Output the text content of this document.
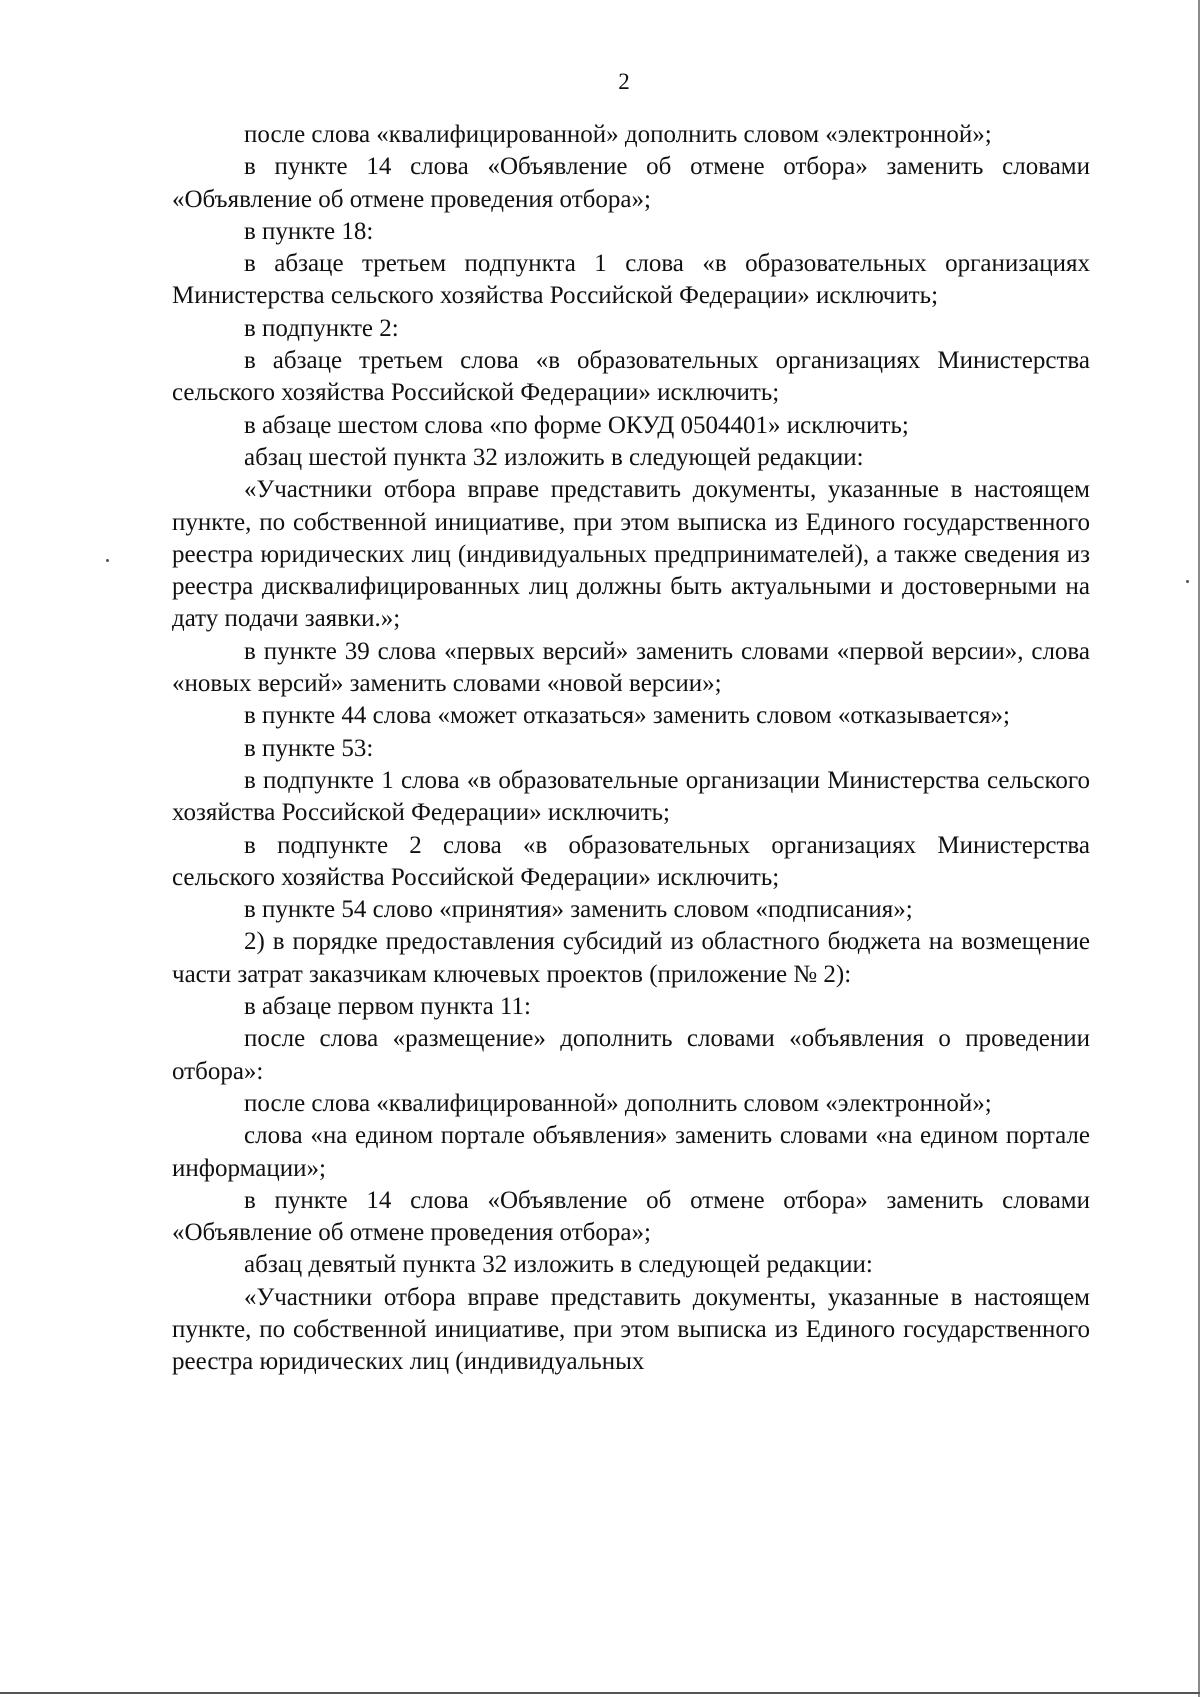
2

после слова «квалифицированной» дополнить словом «электронной»;

в пункте 14 слова «Объявление об отмене отбора» заменить словами «Объявление об отмене проведения отбора»;

в пункте 18:

в абзаце третьем подпункта 1 слова «в образовательных организациях Министерства сельского хозяйства Российской Федерации» исключить;

в подпункте 2:

в абзаце третьем слова «в образовательных организациях Министерства сельского хозяйства Российской Федерации» исключить;

в абзаце шестом слова «по форме ОКУД 0504401» исключить;

абзац шестой пункта 32 изложить в следующей редакции:

«Участники отбора вправе представить документы, указанные в настоящем пункте, по собственной инициативе, при этом выписка из Единого государственного реестра юридических лиц (индивидуальных предпринимателей), а также сведения из реестра дисквалифицированных лиц должны быть актуальными и достоверными на дату подачи заявки.»;

в пункте 39 слова «первых версий» заменить словами «первой версии», слова «новых версий» заменить словами «новой версии»;

в пункте 44 слова «может отказаться» заменить словом «отказывается»;

в пункте 53:

в подпункте 1 слова «в образовательные организации Министерства сельского хозяйства Российской Федерации» исключить;

в подпункте 2 слова «в образовательных организациях Министерства сельского хозяйства Российской Федерации» исключить;

в пункте 54 слово «принятия» заменить словом «подписания»;

2) в порядке предоставления субсидий из областного бюджета на возмещение части затрат заказчикам ключевых проектов (приложение № 2):

в абзаце первом пункта 11:

после слова «размещение» дополнить словами «объявления о проведении отбора»:

после слова «квалифицированной» дополнить словом «электронной»;

слова «на едином портале объявления» заменить словами «на едином портале информации»;

в пункте 14 слова «Объявление об отмене отбора» заменить словами «Объявление об отмене проведения отбора»;

абзац девятый пункта 32 изложить в следующей редакции:

«Участники отбора вправе представить документы, указанные в настоящем пункте, по собственной инициативе, при этом выписка из Единого государственного реестра юридических лиц (индивидуальных
